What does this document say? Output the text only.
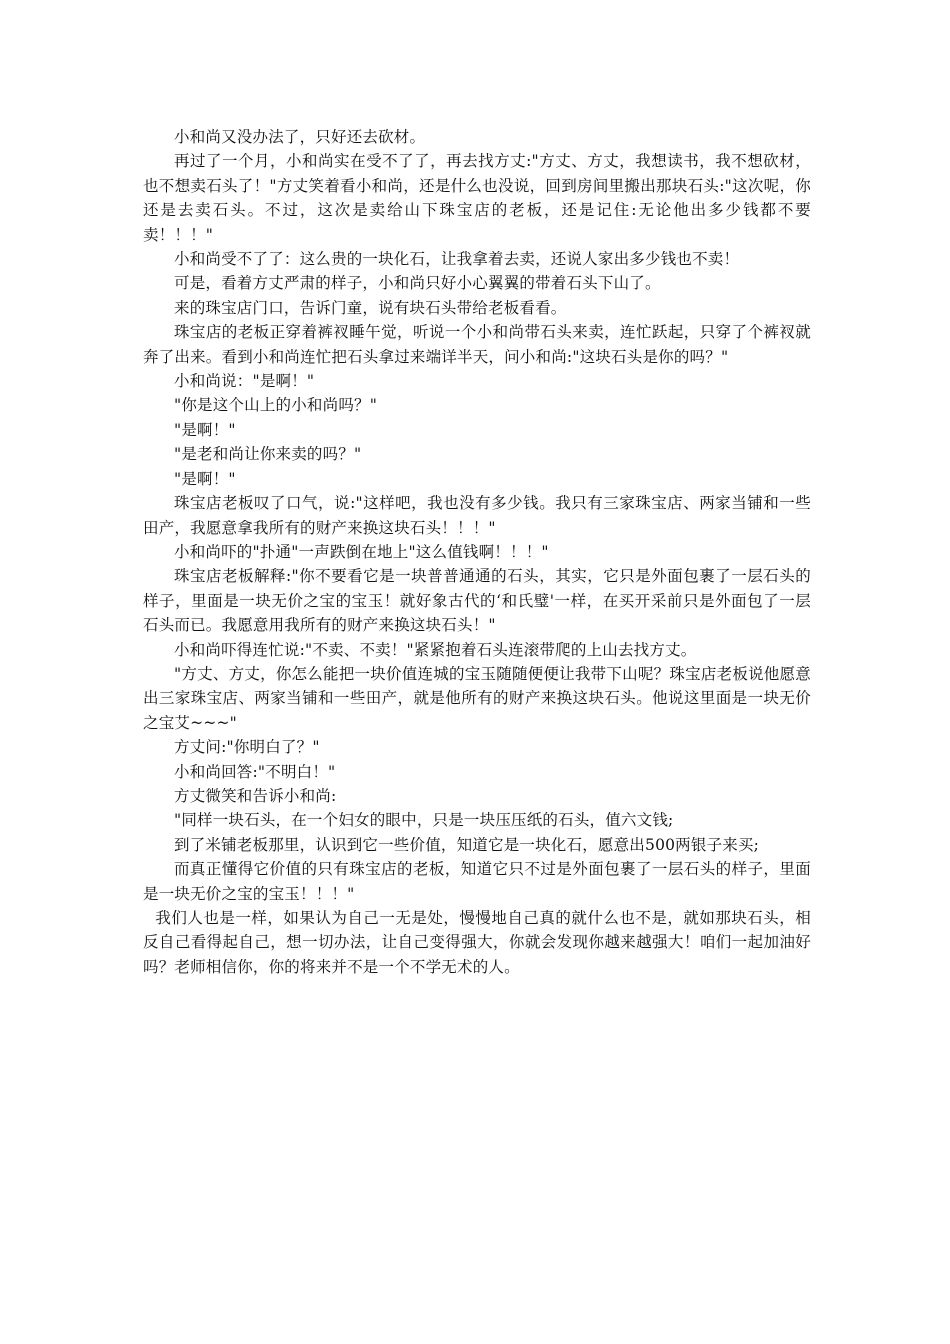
小和尚又没办法了，只好还去砍材。

再过了一个月，小和尚实在受不了了，再去找方丈:"方丈、方丈，我想读书，我不想砍材，也不想卖石头了！"方丈笑着看小和尚，还是什么也没说，回到房间里搬出那块石头:"这次呢，你还是去卖石头。不过，这次是卖给山下珠宝店的老板，还是记住:无论他出多少钱都不要卖！！！"

小和尚受不了了：这么贵的一块化石，让我拿着去卖，还说人家出多少钱也不卖！

可是，看着方丈严肃的样子，小和尚只好小心翼翼的带着石头下山了。

来的珠宝店门口，告诉门童，说有块石头带给老板看看。

珠宝店的老板正穿着裤衩睡午觉，听说一个小和尚带石头来卖，连忙跃起，只穿了个裤衩就奔了出来。看到小和尚连忙把石头拿过来端详半天，问小和尚:"这块石头是你的吗？"

小和尚说："是啊！"

"你是这个山上的小和尚吗？"

"是啊！"

"是老和尚让你来卖的吗？"

"是啊！"

珠宝店老板叹了口气，说:"这样吧，我也没有多少钱。我只有三家珠宝店、两家当铺和一些田产，我愿意拿我所有的财产来换这块石头！！！"

小和尚吓的"扑通"一声跌倒在地上"这么值钱啊！！！"

珠宝店老板解释:"你不要看它是一块普普通通的石头，其实，它只是外面包裹了一层石头的样子，里面是一块无价之宝的宝玉！就好象古代的‘和氏璧'一样，在买开采前只是外面包了一层石头而已。我愿意用我所有的财产来换这块石头！"

小和尚吓得连忙说:"不卖、不卖！"紧紧抱着石头连滚带爬的上山去找方丈。

"方丈、方丈，你怎么能把一块价值连城的宝玉随随便便让我带下山呢？珠宝店老板说他愿意出三家珠宝店、两家当铺和一些田产，就是他所有的财产来换这块石头。他说这里面是一块无价之宝艾~~~"

方丈问:"你明白了？"

小和尚回答:"不明白！"

方丈微笑和告诉小和尚:

"同样一块石头，在一个妇女的眼中，只是一块压压纸的石头，值六文钱;

到了米铺老板那里，认识到它一些价值，知道它是一块化石，愿意出500两银子来买;

而真正懂得它价值的只有珠宝店的老板，知道它只不过是外面包裹了一层石头的样子，里面是一块无价之宝的宝玉！！！"

我们人也是一样，如果认为自己一无是处，慢慢地自己真的就什么也不是，就如那块石头，相反自己看得起自己，想一切办法，让自己变得强大，你就会发现你越来越强大！咱们一起加油好吗？老师相信你，你的将来并不是一个不学无术的人。
